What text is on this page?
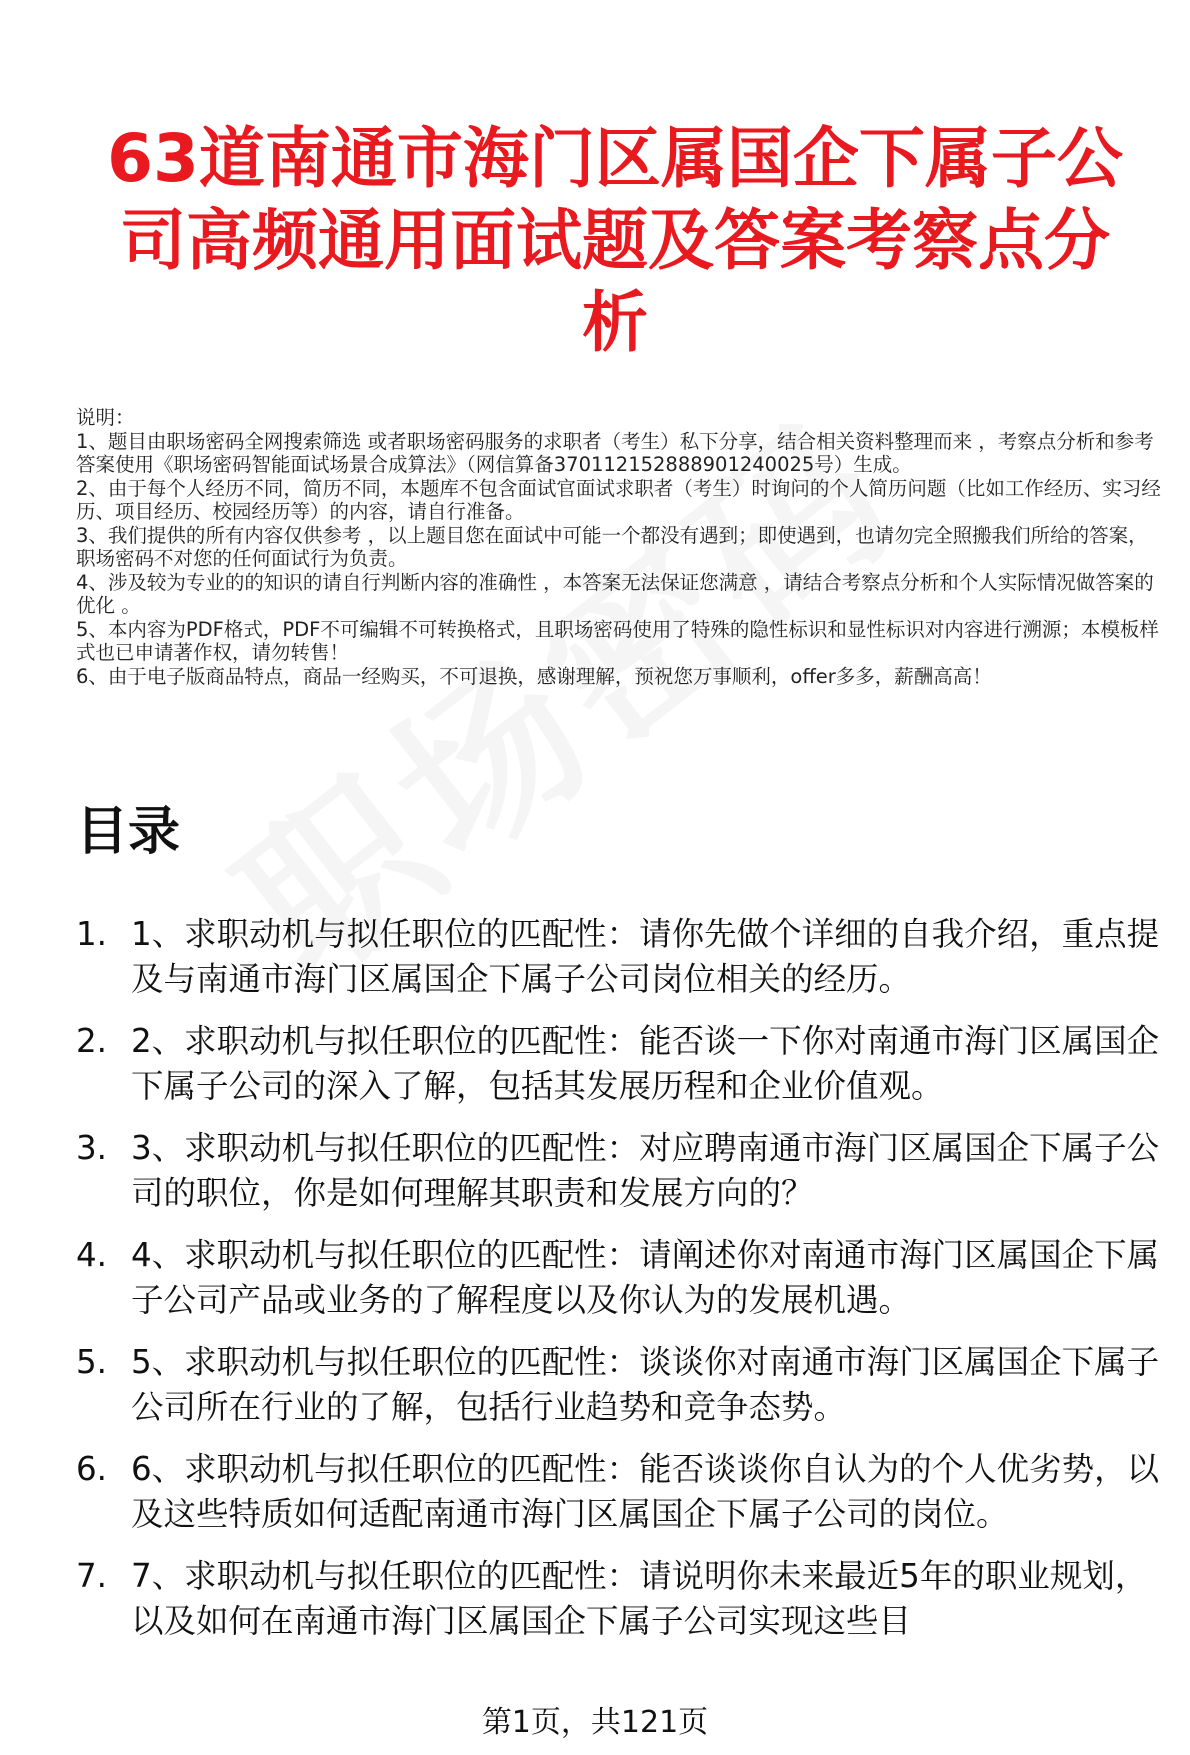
63道南通市海门区属国企下属子公司高频通用面试题及答案考察点分析

说明：

1、题目由职场密码全网搜索筛选 或者职场密码服务的求职者（考生）私下分享，结合相关资料整理而来 ，考察点分析和参考答案使用《职场密码智能面试场景合成算法》（网信算备370112152888901240025号）生成。

2、由于每个人经历不同，简历不同，本题库不包含面试官面试求职者（考生）时询问的个人简历问题（比如工作经历、实习经历、项目经历、校园经历等）的内容，请自行准备。

3、我们提供的所有内容仅供参考 ，以上题目您在面试中可能一个都没有遇到；即使遇到，也请勿完全照搬我们所给的答案，职场密码不对您的任何面试行为负责。

4、涉及较为专业的的知识的请自行判断内容的准确性 ，本答案无法保证您满意 ，请结合考察点分析和个人实际情况做答案的优化 。

5、本内容为PDF格式，PDF不可编辑不可转换格式，且职场密码使用了特殊的隐性标识和显性标识对内容进行溯源；本模板样式也已申请著作权，请勿转售！

6、由于电子版商品特点，商品一经购买，不可退换，感谢理解，预祝您万事顺利，offer多多，薪酬高高！

目录
1. 1、求职动机与拟任职位的匹配性：请你先做个详细的自我介绍，重点提及与南通市海门区属国企下属子公司岗位相关的经历。
2. 2、求职动机与拟任职位的匹配性：能否谈一下你对南通市海门区属国企下属子公司的深入了解，包括其发展历程和企业价值观。
3. 3、求职动机与拟任职位的匹配性：对应聘南通市海门区属国企下属子公司的职位，你是如何理解其职责和发展方向的？
4. 4、求职动机与拟任职位的匹配性：请阐述你对南通市海门区属国企下属子公司产品或业务的了解程度以及你认为的发展机遇。
5. 5、求职动机与拟任职位的匹配性：谈谈你对南通市海门区属国企下属子公司所在行业的了解，包括行业趋势和竞争态势。
6. 6、求职动机与拟任职位的匹配性：能否谈谈你自认为的个人优劣势，以及这些特质如何适配南通市海门区属国企下属子公司的岗位。
7. 7、求职动机与拟任职位的匹配性：请说明你未来最近5年的职业规划，以及如何在南通市海门区属国企下属子公司实现这些目
第1页，共121页
